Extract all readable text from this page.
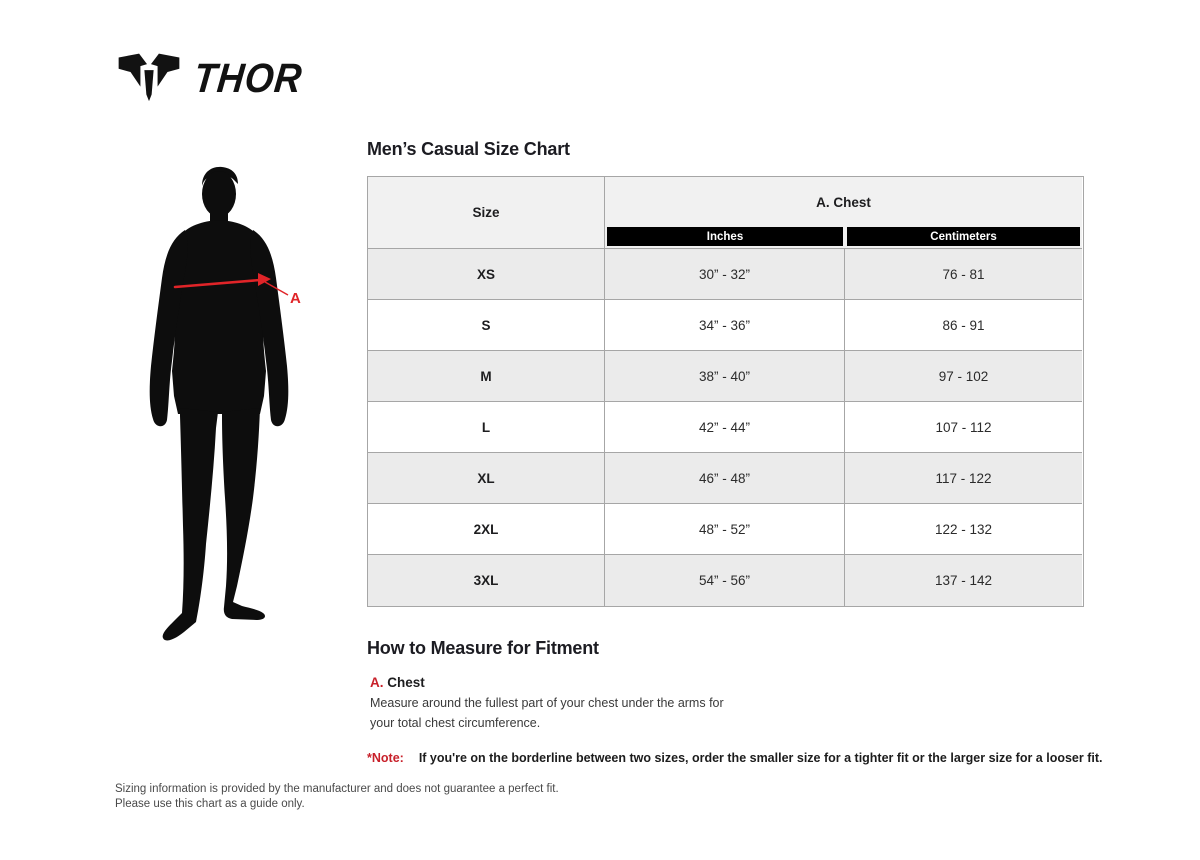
THOR
A
Men’s Casual Size Chart
Size
A. Chest
Inches	Centimeters
XS	30” - 32”	76 - 81
S	34” - 36”	86 - 91
M	38” - 40”	97 - 102
L	42” - 44”	107 - 112
XL	46” - 48”	117 - 122
2XL	48” - 52”	122 - 132
3XL	54” - 56”	137 - 142
How to Measure for Fitment
A. Chest
Measure around the fullest part of your chest under the arms for your total chest circumference.
*Note: If you're on the borderline between two sizes, order the smaller size for a tighter fit or the larger size for a looser fit.
Sizing information is provided by the manufacturer and does not guarantee a perfect fit.
Please use this chart as a guide only.
